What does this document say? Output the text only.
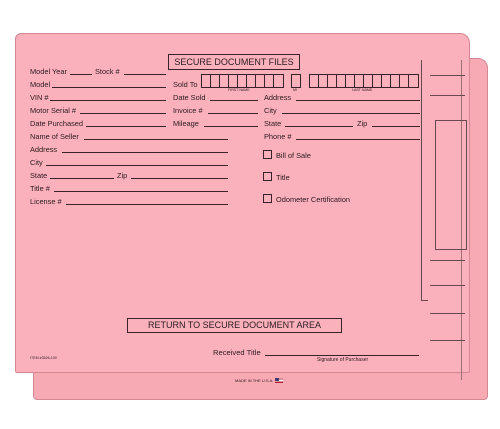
SECURE DOCUMENT FILES
Model Year	Stock #
Model
VIN #
Motor Serial #
Date Purchased
Sold To
FIRST NAME	MI	LAST NAME
Date Sold	Address
Invoice #	City
Mileage	State	Zip
Phone #
Name of Seller
Address
City
State	Zip
Title #
License #
Bill of Sale
Title
Odometer Certification
RETURN TO SECURE DOCUMENT AREA
Received Title
Signature of Purchaser
ITEM #3526-100
MADE IN THE U.S.A.
